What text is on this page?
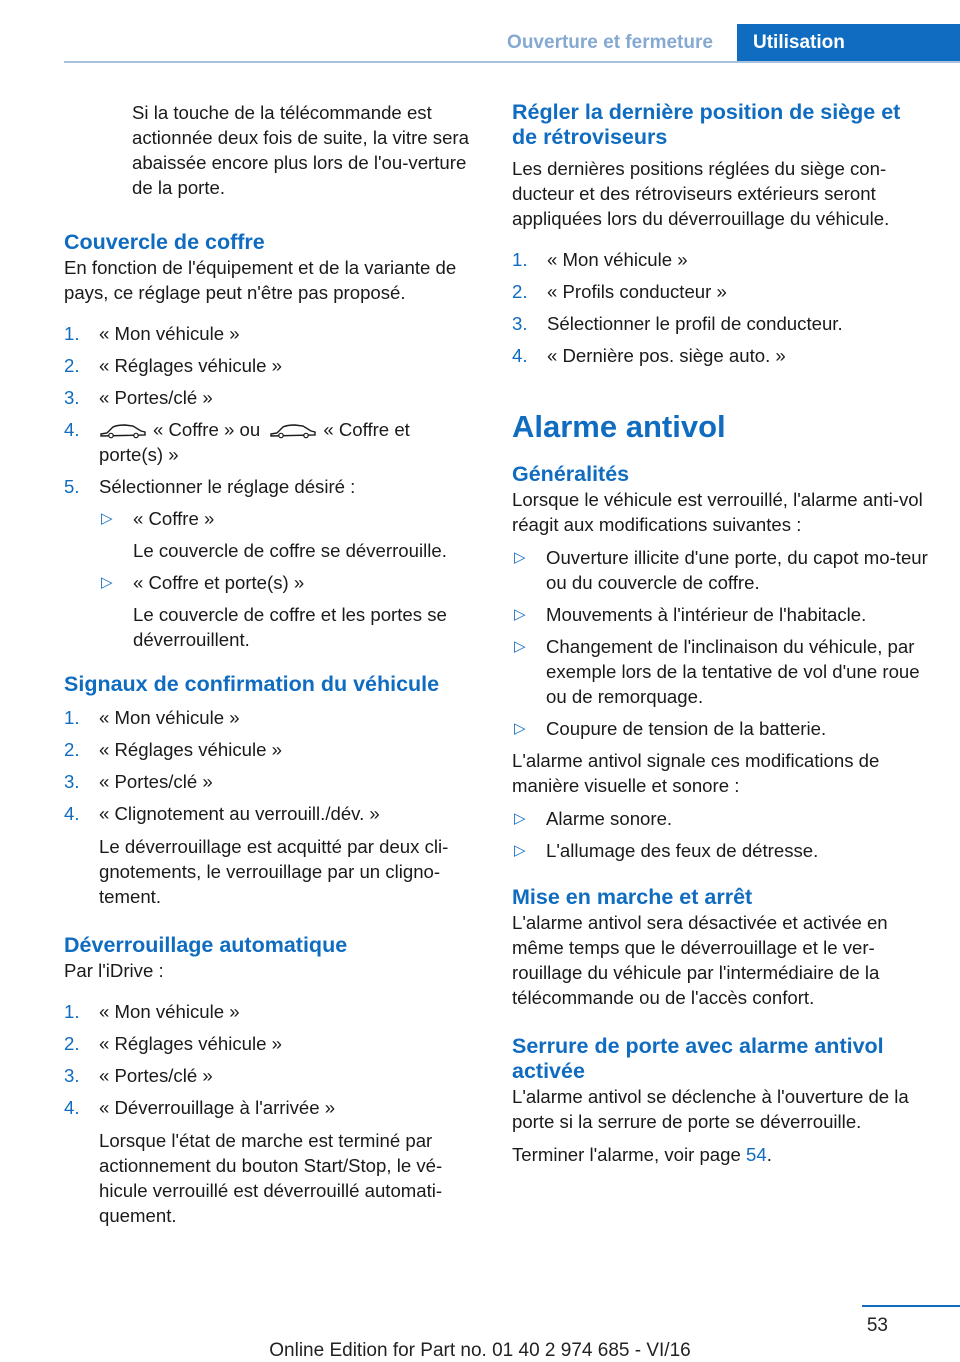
Ouverture et fermeture	Utilisation

Si la touche de la télécommande est actionnée deux fois de suite, la vitre sera abaissée encore plus lors de l'ou-verture de la porte.

Couvercle de coffre

En fonction de l'équipement et de la variante de pays, ce réglage peut n'être pas proposé.

1. « Mon véhicule »
2. « Réglages véhicule »
3. « Portes/clé »
4.	« Coffre » ou	« Coffre et porte(s) »
5. Sélectionner le réglage désiré :
▷ « Coffre »
Le couvercle de coffre se déverrouille.
▷ « Coffre et porte(s) »
Le couvercle de coffre et les portes se déverrouillent.
Signaux de confirmation du véhicule
1. « Mon véhicule »
2. « Réglages véhicule »
3. « Portes/clé »
4. « Clignotement au verrouill./dév. »
Le déverrouillage est acquitté par deux cli-gnotements, le verrouillage par un cligno-tement.
Déverrouillage automatique

Par l'iDrive :

1. « Mon véhicule »
2. « Réglages véhicule »
3. « Portes/clé »
4. « Déverrouillage à l'arrivée »
Lorsque l'état de marche est terminé par actionnement du bouton Start/Stop, le vé-hicule verrouillé est déverrouillé automati-quement.
Régler la dernière position de siège et de rétroviseurs

Les dernières positions réglées du siège con-ducteur et des rétroviseurs extérieurs seront appliquées lors du déverrouillage du véhicule.

1. « Mon véhicule »
2. « Profils conducteur »
3. Sélectionner le profil de conducteur.
4. « Dernière pos. siège auto. »
Alarme antivol
Généralités

Lorsque le véhicule est verrouillé, l'alarme anti-vol réagit aux modifications suivantes :

▷ Ouverture illicite d'une porte, du capot mo-teur ou du couvercle de coffre.
▷ Mouvements à l'intérieur de l'habitacle.
▷ Changement de l'inclinaison du véhicule, par exemple lors de la tentative de vol d'une roue ou de remorquage.
▷ Coupure de tension de la batterie.

L'alarme antivol signale ces modifications de manière visuelle et sonore :

▷ Alarme sonore.
▷ L'allumage des feux de détresse.
Mise en marche et arrêt

L'alarme antivol sera désactivée et activée en même temps que le déverrouillage et le ver-rouillage du véhicule par l'intermédiaire de la télécommande ou de l'accès confort.

Serrure de porte avec alarme antivol activée

L'alarme antivol se déclenche à l'ouverture de la porte si la serrure de porte se déverrouille.

Terminer l'alarme, voir page 54.

53
Online Edition for Part no. 01 40 2 974 685 - VI/16
